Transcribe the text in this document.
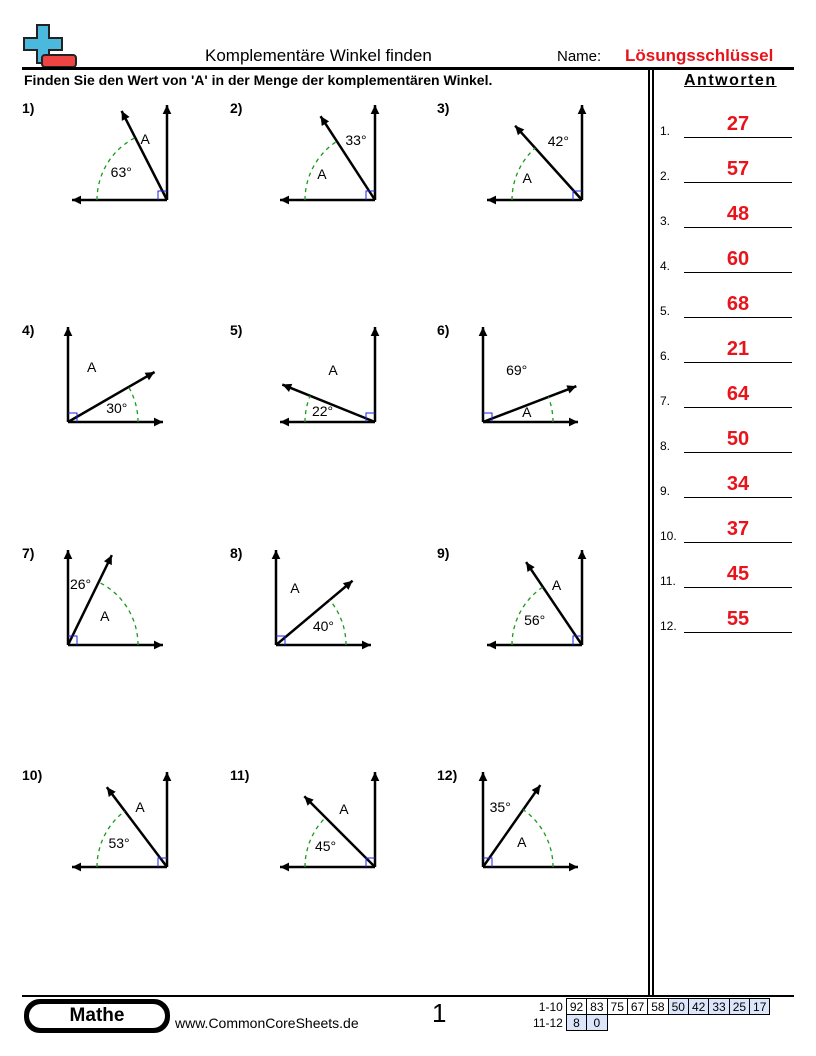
Komplementäre Winkel finden	Name: Lösungsschlüssel
Finden Sie den Wert von 'A' in der Menge der komplementären Winkel.	Antworten
1.	27
2.	57
3.	48
4.	60
5.	68
6.	21
7.	64
8.	50
9.	34
10.	37
11.	45
12.	55
1)
63°
A
2)
A
33°
3)
A
42°
4)
30°
A
5)
22°
A
6)
A
69°
7)
A
26°
8)
40°
A
9)
56°
A
10)
53°
A
11)
45°
A
12)
A
35°
Mathe	www.CommonCoreSheets.de	1	1-10	92	83	75	67	58	50	42	33	25	17
11-12	8	0								
